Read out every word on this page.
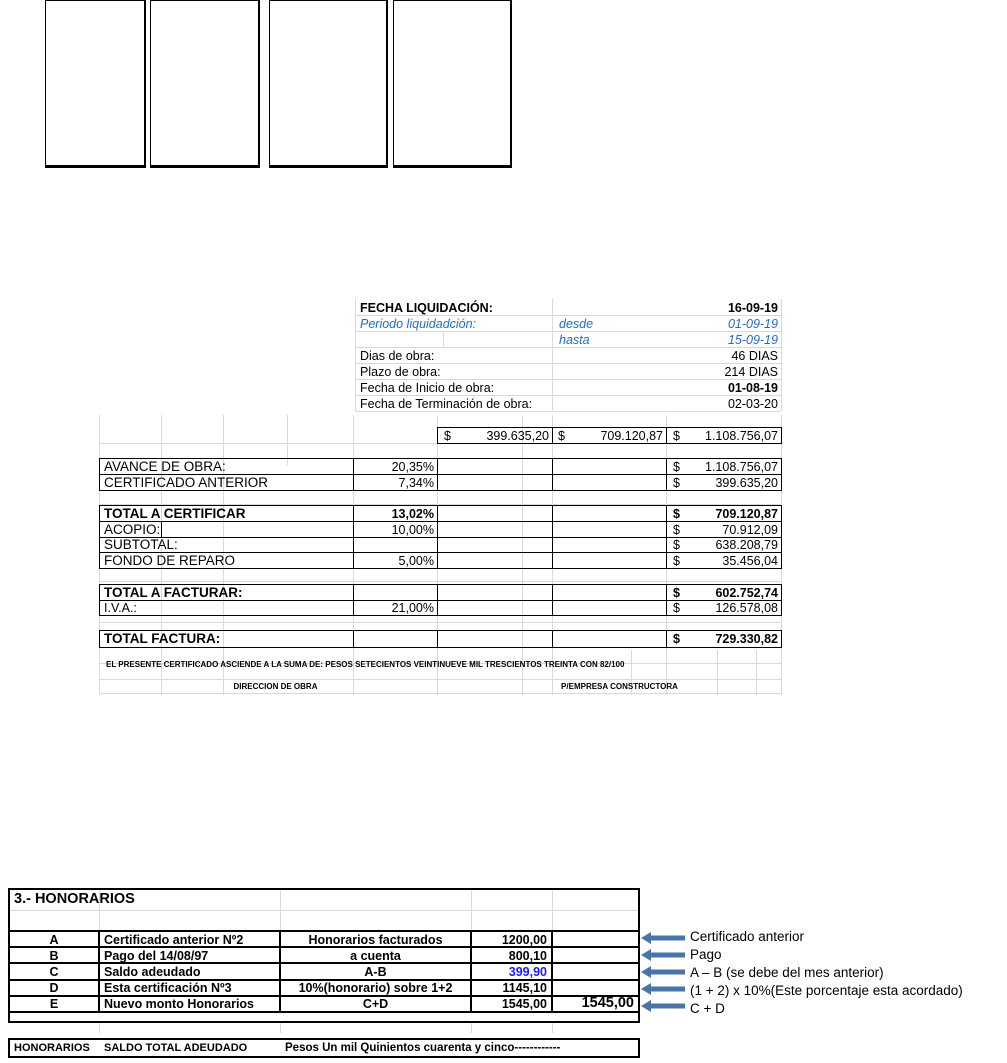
FECHA LIQUIDACIÓN:	16-09-19
Periodo liquidadción:	desde	01-09-19
hasta	15-09-19
Dias de obra:	46 DIAS
Plazo de obra:	214 DIAS
Fecha de Inicio de obra:	01-08-19
Fecha de Terminación de obra:	02-03-20
$	399.635,20 $	709.120,87 $	1.108.756,07
AVANCE DE OBRA:	20,35%	$	1.108.756,07
CERTIFICADO ANTERIOR	7,34%	$	399.635,20
TOTAL A CERTIFICAR	13,02%	$	709.120,87
ACOPIO:	10,00%	$	70.912,09
SUBTOTAL:	$	638.208,79
FONDO DE REPARO	5,00%	$	35.456,04
TOTAL A FACTURAR:	$	602.752,74
I.V.A.:	21,00%	$	126.578,08
TOTAL FACTURA:	$	729.330,82
EL PRESENTE CERTIFICADO ASCIENDE A LA SUMA DE: PESOS SETECIENTOS VEINTINUEVE MIL TRESCIENTOS TREINTA CON 82/100
DIRECCION DE OBRA	P/EMPRESA CONSTRUCTORA
3.- HONORARIOS
A	Certificado anterior Nº2	Honorarios facturados	1200,00
B	Pago del 14/08/97	a cuenta	800,10
C	Saldo adeudado	A-B	399,90
D	Esta certificación Nº3	10%(honorario) sobre 1+2	1145,10
E	Nuevo monto Honorarios	C+D	1545,00	1545,00
HONORARIOS	SALDO TOTAL ADEUDADO	Pesos Un mil Quinientos cuarenta y cinco------------
Certificado anterior
Pago
A – B (se debe del mes anterior)
(1 + 2) x 10%(Este porcentaje esta acordado)
C + D
